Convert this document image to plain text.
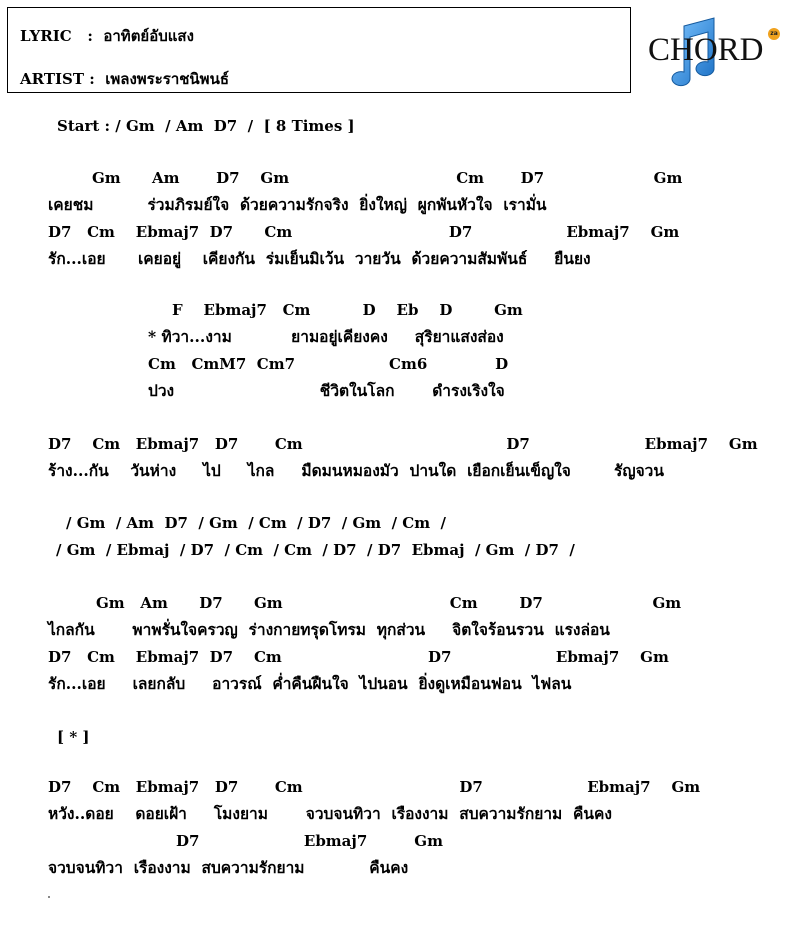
LYRIC   : อาทิตย์อับแสง
ARTIST : เพลงพระราชนิพนธ์
CHORD	za
Start : / Gm  / Am  D7  /  [ 8 Times ]
Gm      Am       D7    Gm                                Cm       D7                     Gm
เคยชม          ร่วมภิรมย์ใจ  ด้วยความรักจริง  ยิ่งใหญ่  ผูกพันหัวใจ  เรามั่น
D7   Cm    Ebmaj7  D7      Cm                              D7                  Ebmaj7    Gm
รัก...เอย      เคยอยู่    เคียงกัน  ร่มเย็นมิเว้น  วายวัน  ด้วยความสัมพันธ์     ยืนยง
F    Ebmaj7   Cm          D    Eb    D        Gm
* ทิวา...งาม           ยามอยู่เคียงคง     สุริยาแสงส่อง
Cm   CmM7  Cm7                  Cm6             D
ปวง                           ชีวิตในโลก       ดำรงเริงใจ
D7    Cm   Ebmaj7   D7       Cm                                       D7                      Ebmaj7    Gm
ร้าง...กัน    วันห่าง     ไป     ไกล     มืดมนหมองมัว  ปานใด  เยือกเย็นเข็ญใจ        รัญจวน
/ Gm  / Am  D7  / Gm  / Cm  / D7  / Gm  / Cm  /
/ Gm  / Ebmaj  / D7  / Cm  / Cm  / D7  / D7  Ebmaj  / Gm  / D7  /
Gm   Am      D7      Gm                                Cm        D7                     Gm
ไกลกัน       พาพรั่นใจครวญ  ร่างกายทรุดโทรม  ทุกส่วน     จิตใจร้อนรวน  แรงล่อน
D7   Cm    Ebmaj7  D7    Cm                            D7                    Ebmaj7    Gm
รัก...เอย     เลยกลับ     อาวรณ์  ค่ำคืนฝืนใจ  ไปนอน  ยิ่งดูเหมือนฟอน  ไฟลน
[ * ]
D7    Cm   Ebmaj7   D7       Cm                              D7                    Ebmaj7    Gm
หวัง..ดอย    ดอยเฝ้า     โมงยาม       จวบจนทิวา  เรืองงาม  สบความรักยาม  คืนคง
D7                    Ebmaj7         Gm
จวบจนทิวา  เรืองงาม  สบความรักยาม            คืนคง
